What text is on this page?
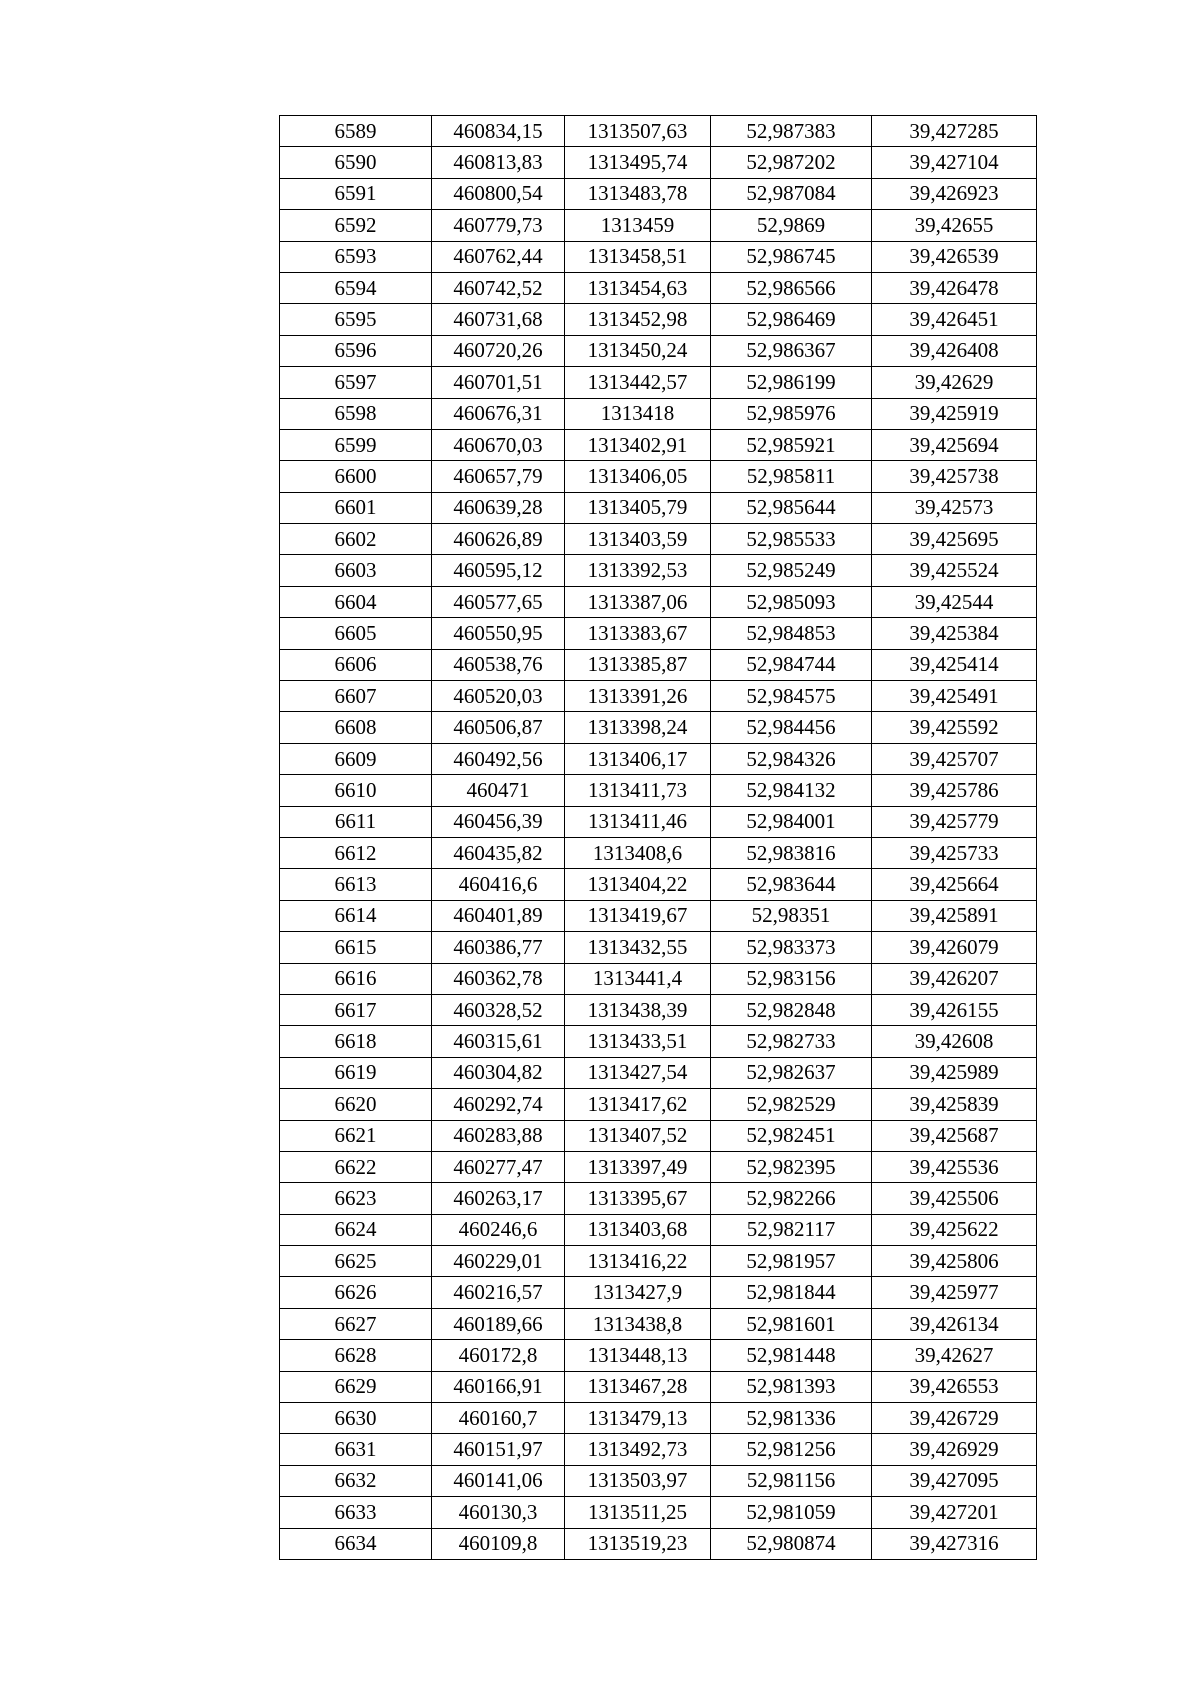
6589	460834,15	1313507,63	52,987383	39,427285
6590	460813,83	1313495,74	52,987202	39,427104
6591	460800,54	1313483,78	52,987084	39,426923
6592	460779,73	1313459	52,9869	39,42655
6593	460762,44	1313458,51	52,986745	39,426539
6594	460742,52	1313454,63	52,986566	39,426478
6595	460731,68	1313452,98	52,986469	39,426451
6596	460720,26	1313450,24	52,986367	39,426408
6597	460701,51	1313442,57	52,986199	39,42629
6598	460676,31	1313418	52,985976	39,425919
6599	460670,03	1313402,91	52,985921	39,425694
6600	460657,79	1313406,05	52,985811	39,425738
6601	460639,28	1313405,79	52,985644	39,42573
6602	460626,89	1313403,59	52,985533	39,425695
6603	460595,12	1313392,53	52,985249	39,425524
6604	460577,65	1313387,06	52,985093	39,42544
6605	460550,95	1313383,67	52,984853	39,425384
6606	460538,76	1313385,87	52,984744	39,425414
6607	460520,03	1313391,26	52,984575	39,425491
6608	460506,87	1313398,24	52,984456	39,425592
6609	460492,56	1313406,17	52,984326	39,425707
6610	460471	1313411,73	52,984132	39,425786
6611	460456,39	1313411,46	52,984001	39,425779
6612	460435,82	1313408,6	52,983816	39,425733
6613	460416,6	1313404,22	52,983644	39,425664
6614	460401,89	1313419,67	52,98351	39,425891
6615	460386,77	1313432,55	52,983373	39,426079
6616	460362,78	1313441,4	52,983156	39,426207
6617	460328,52	1313438,39	52,982848	39,426155
6618	460315,61	1313433,51	52,982733	39,42608
6619	460304,82	1313427,54	52,982637	39,425989
6620	460292,74	1313417,62	52,982529	39,425839
6621	460283,88	1313407,52	52,982451	39,425687
6622	460277,47	1313397,49	52,982395	39,425536
6623	460263,17	1313395,67	52,982266	39,425506
6624	460246,6	1313403,68	52,982117	39,425622
6625	460229,01	1313416,22	52,981957	39,425806
6626	460216,57	1313427,9	52,981844	39,425977
6627	460189,66	1313438,8	52,981601	39,426134
6628	460172,8	1313448,13	52,981448	39,42627
6629	460166,91	1313467,28	52,981393	39,426553
6630	460160,7	1313479,13	52,981336	39,426729
6631	460151,97	1313492,73	52,981256	39,426929
6632	460141,06	1313503,97	52,981156	39,427095
6633	460130,3	1313511,25	52,981059	39,427201
6634	460109,8	1313519,23	52,980874	39,427316
